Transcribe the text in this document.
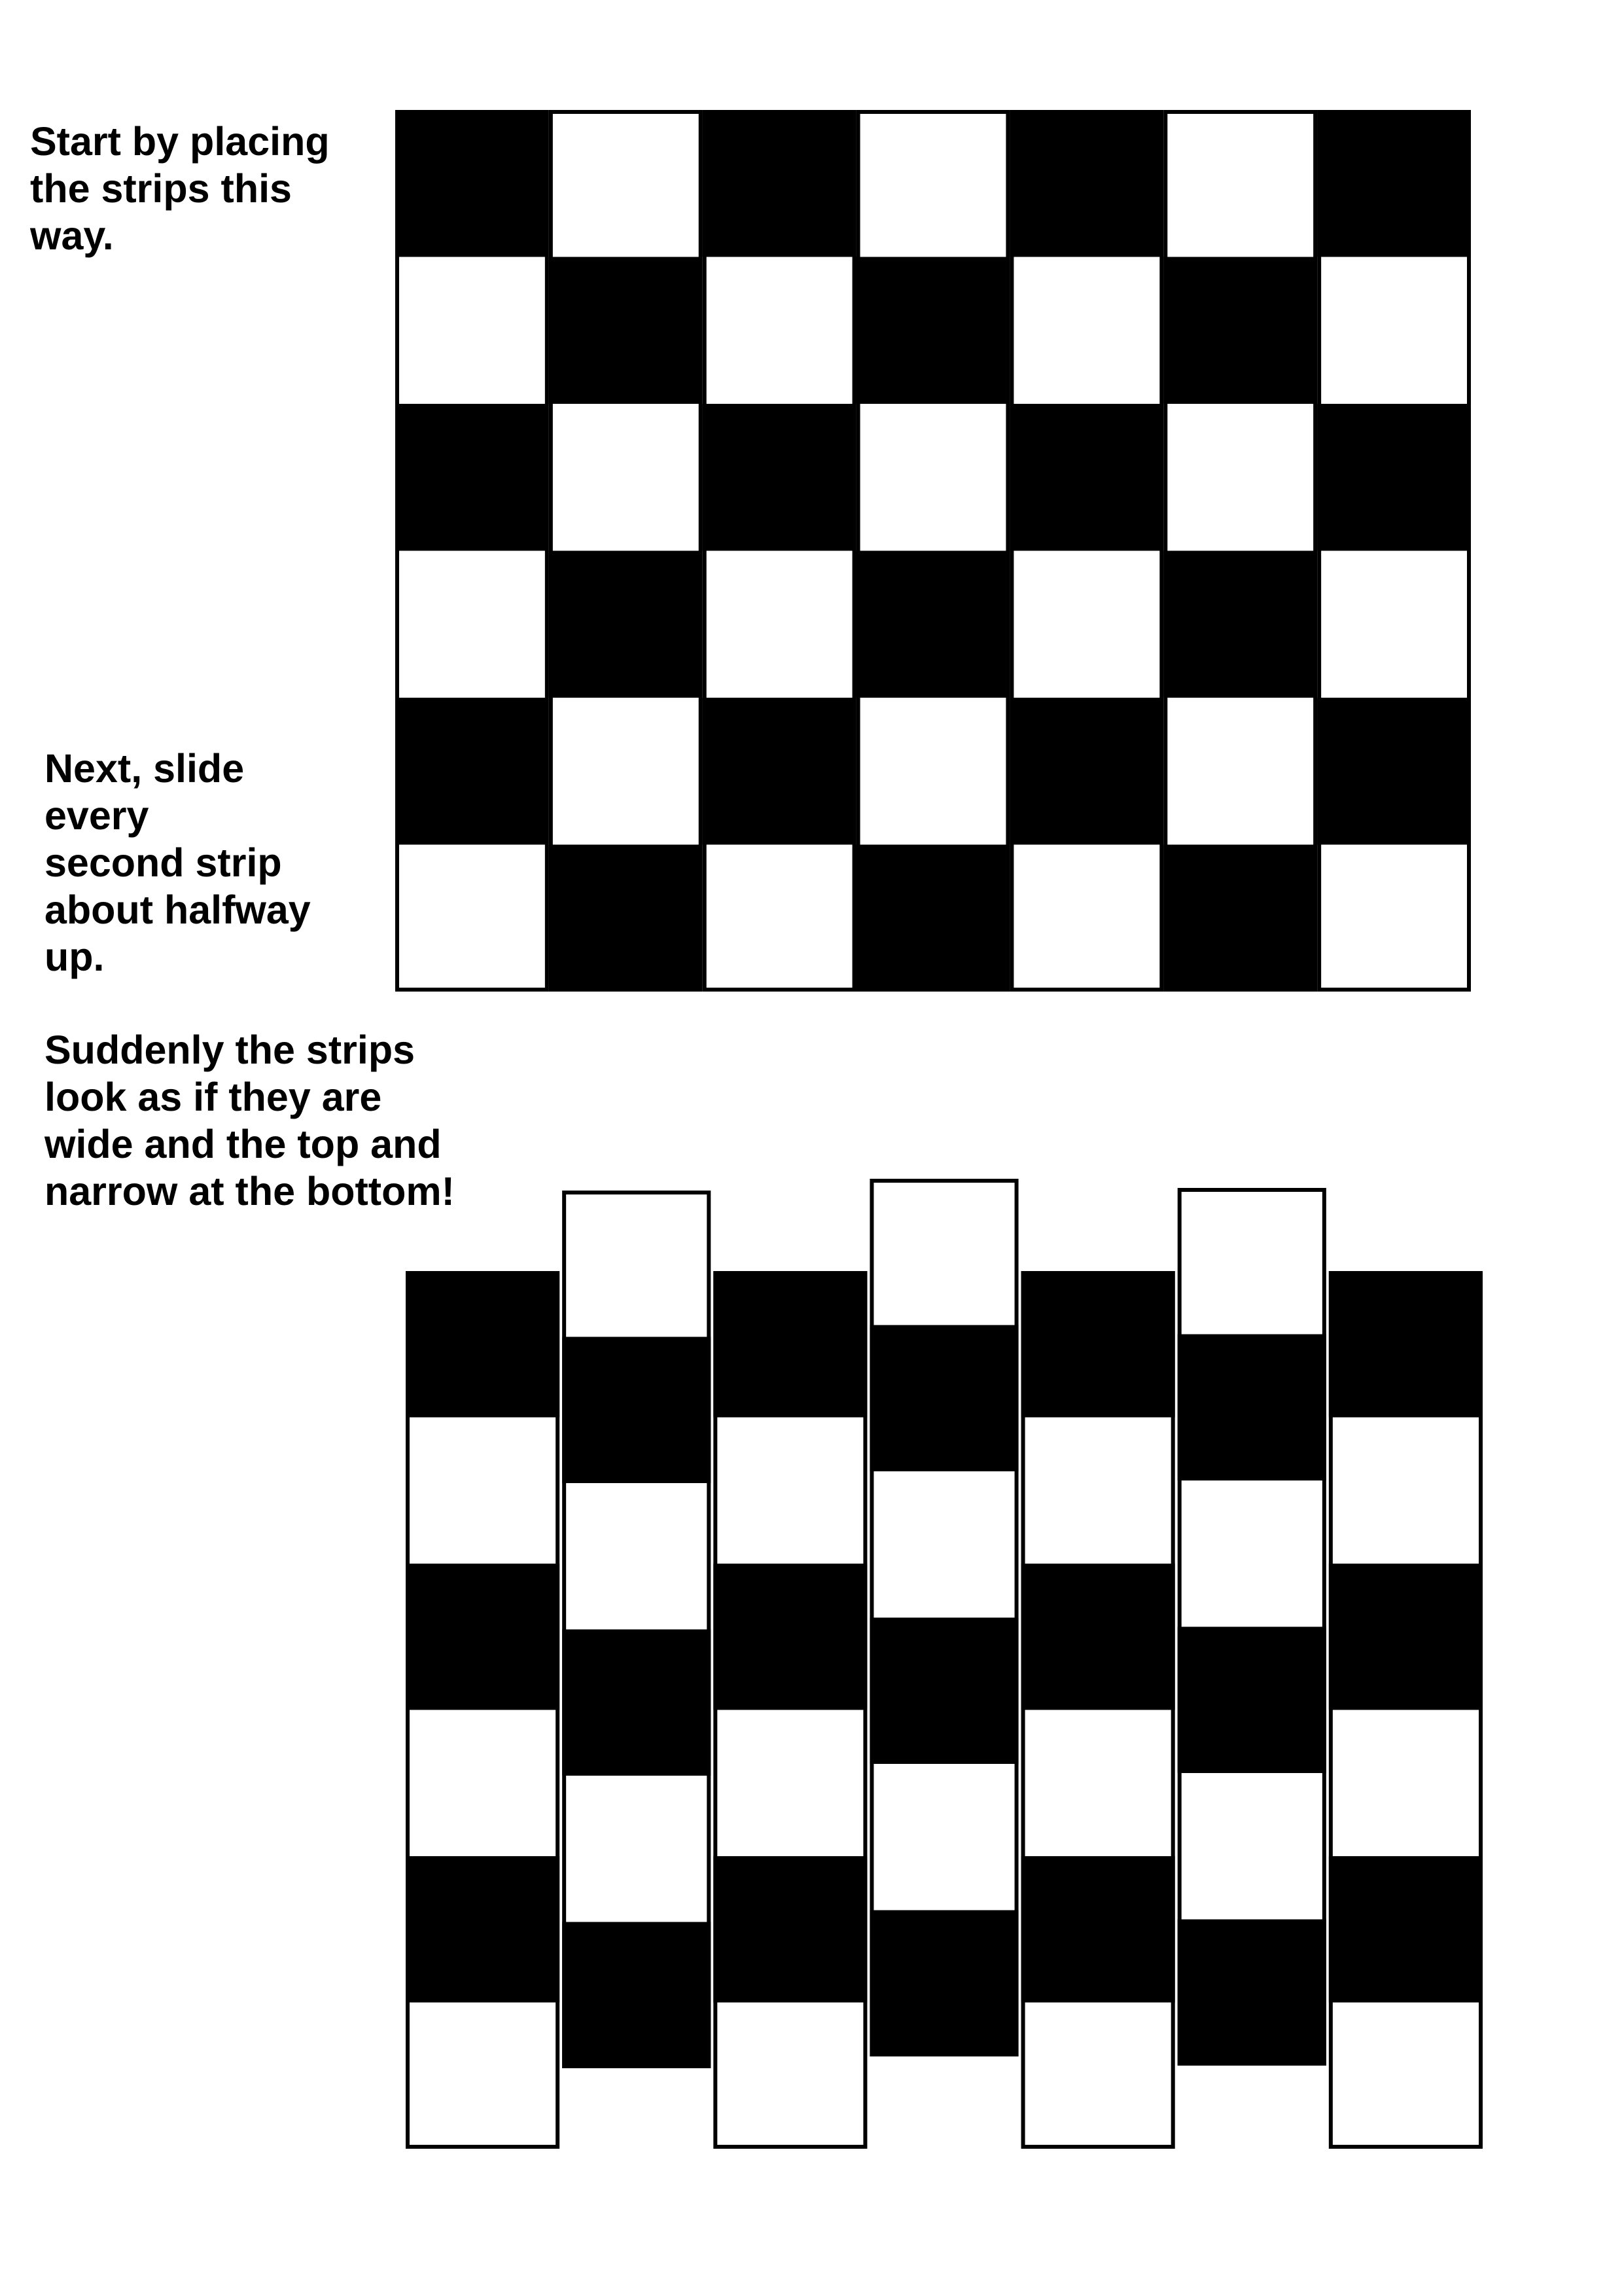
Start by placing
the strips this
way.

Next, slide
every
second strip
about halfway
up.

Suddenly the strips
look as if they are
wide and the top and
narrow at the bottom!
